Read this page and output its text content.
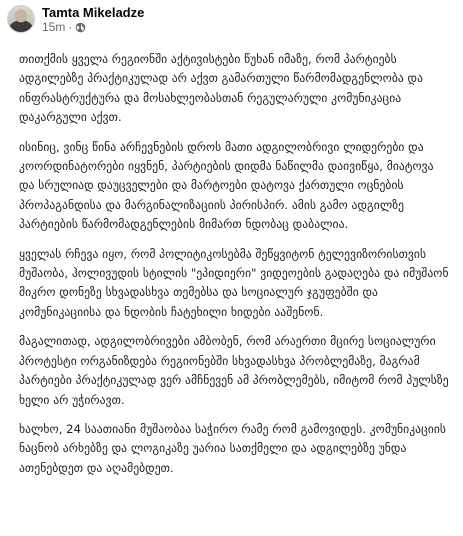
Tamta Mikeladze
15m ·

თითქმის ყველა რეგიონში აქტივისტები წუხან იმაზე, რომ პარტიებს ადგილებზე პრაქტიკულად არ აქვთ გამართული წარმომადგენლობა და ინფრასტრუქტურა და მოსახლეობასთან რეგულარული კომუნიკაცია დაკარგული აქვთ.

ისინიც, ვინც წინა არჩევნების დროს მათი ადგილობრივი ლიდერები და კოორდინატორები იყვნენ, პარტიების დიდმა ნაწილმა დაივიწყა, მიატოვა და სრულიად დაუცველები და მარტოები დატოვა ქართული ოცნების პროპაგანდისა და მარგინალიზაციის პირისპირ. ამის გამო ადგილზე პარტიების წარმომადგენლების მიმართ ნდობაც დაბალია.

ყველას რჩევა იყო, რომ პოლიტიკოსებმა შეწყვიტონ ტელევიზორისთვის მუშაობა, ჰოლივუდის სტილის "ეპიდიერი" ვიდეოების გადაღება და იმუშაონ მიკრო დონეზე სხვადასხვა თემებსა და სოციალურ ჯგუფებში და კომუნიკაციისა და ნდობის ჩატეხილი ხიდები ააშენონ.

მაგალითად, ადგილობრივები ამბობენ, რომ არაერთი მცირე სოციალური პროტესტი ორგანიზდება რეგიონებში სხვადასხვა პრობლემაზე, მაგრამ პარტიები პრაქტიკულად ვერ ამჩნევენ ამ პრობლემებს, იმიტომ რომ პულსზე ხელი არ უჭირავთ.

ხალხო, 24 საათიანი მუშაობაა საჭირო რამე რომ გამოვიდეს. კომუნიკაციის ნაცნობ არხებზე და ლოგიკაზე უარია სათქმელი და ადგილებზე უნდა ათენებდეთ და აღამებდეთ.
